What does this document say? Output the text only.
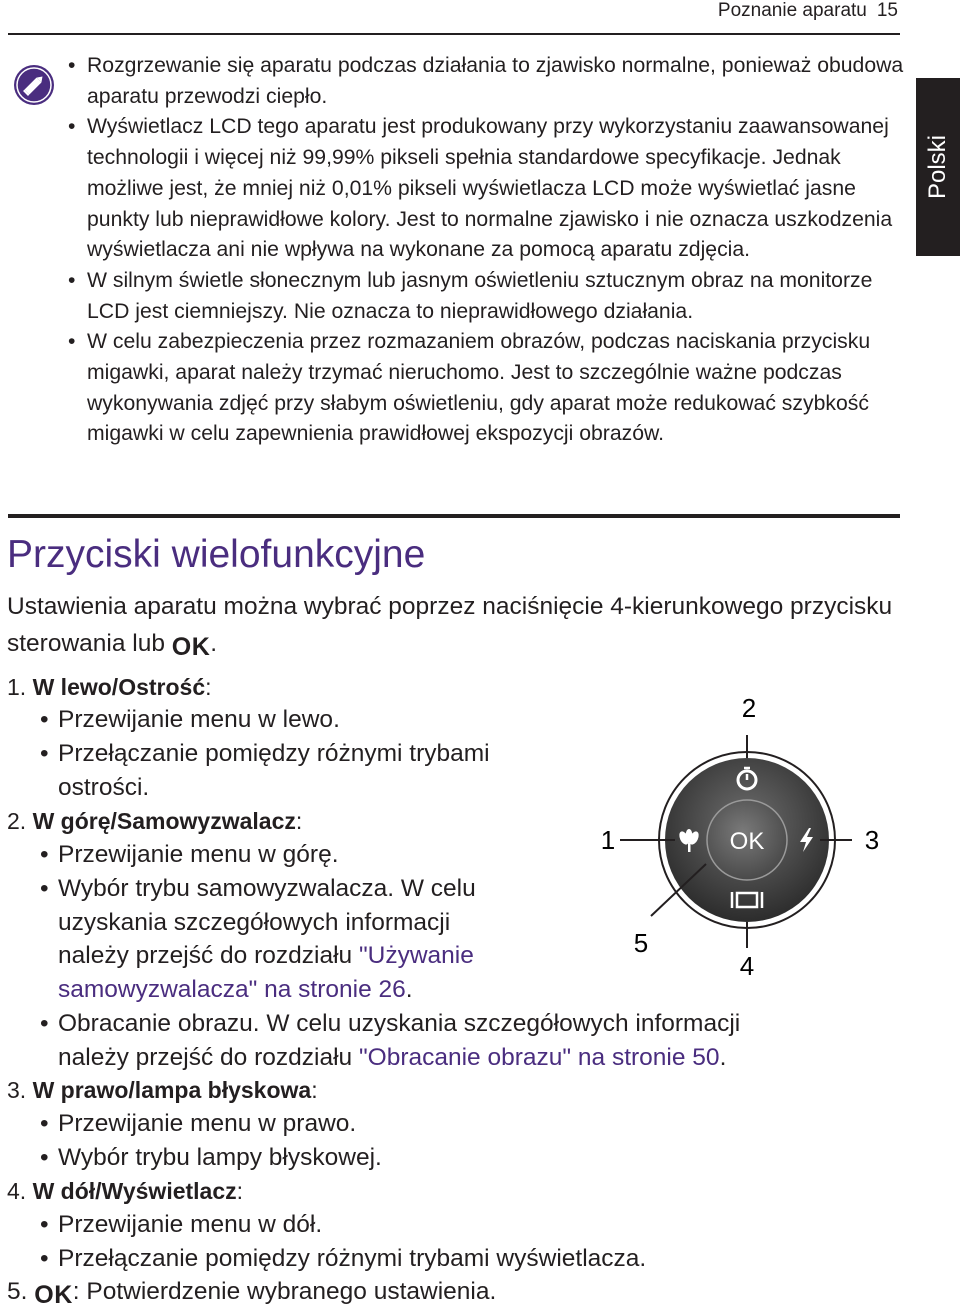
Poznanie aparatu 15
Polski
• Rozgrzewanie się aparatu podczas działania to zjawisko normalne, ponieważ obudowa aparatu przewodzi ciepło.
• Wyświetlacz LCD tego aparatu jest produkowany przy wykorzystaniu zaawansowanej technologii i więcej niż 99,99% pikseli spełnia standardowe specyfikacje. Jednak możliwe jest, że mniej niż 0,01% pikseli wyświetlacza LCD może wyświetlać jasne punkty lub nieprawidłowe kolory. Jest to normalne zjawisko i nie oznacza uszkodzenia wyświetlacza ani nie wpływa na wykonane za pomocą aparatu zdjęcia.
• W silnym świetle słonecznym lub jasnym oświetleniu sztucznym obraz na monitorze LCD jest ciemniejszy. Nie oznacza to nieprawidłowego działania.
• W celu zabezpieczenia przez rozmazaniem obrazów, podczas naciskania przycisku migawki, aparat należy trzymać nieruchomo. Jest to szczególnie ważne podczas wykonywania zdjęć przy słabym oświetleniu, gdy aparat może redukować szybkość migawki w celu zapewnienia prawidłowej ekspozycji obrazów.
Przyciski wielofunkcyjne
Ustawienia aparatu można wybrać poprzez naciśnięcie 4-kierunkowego przycisku sterowania lub OK.
1. W lewo/Ostrość:
• Przewijanie menu w lewo.
• Przełączanie pomiędzy różnymi trybami
ostrości.
2. W górę/Samowyzwalacz:
• Przewijanie menu w górę.
• Wybór trybu samowyzwalacza. W celu
uzyskania szczegółowych informacji
należy przejść do rozdziału "Używanie
samowyzwalacza" na stronie 26.
• Obracanie obrazu. W celu uzyskania szczegółowych informacji
należy przejść do rozdziału "Obracanie obrazu" na stronie 50.
3. W prawo/lampa błyskowa:
• Przewijanie menu w prawo.
• Wybór trybu lampy błyskowej.
4. W dół/Wyświetlacz:
• Przewijanie menu w dół.
• Przełączanie pomiędzy różnymi trybami wyświetlacza.
5. OK: Potwierdzenie wybranego ustawienia.
OK
2
1	3
4
5
